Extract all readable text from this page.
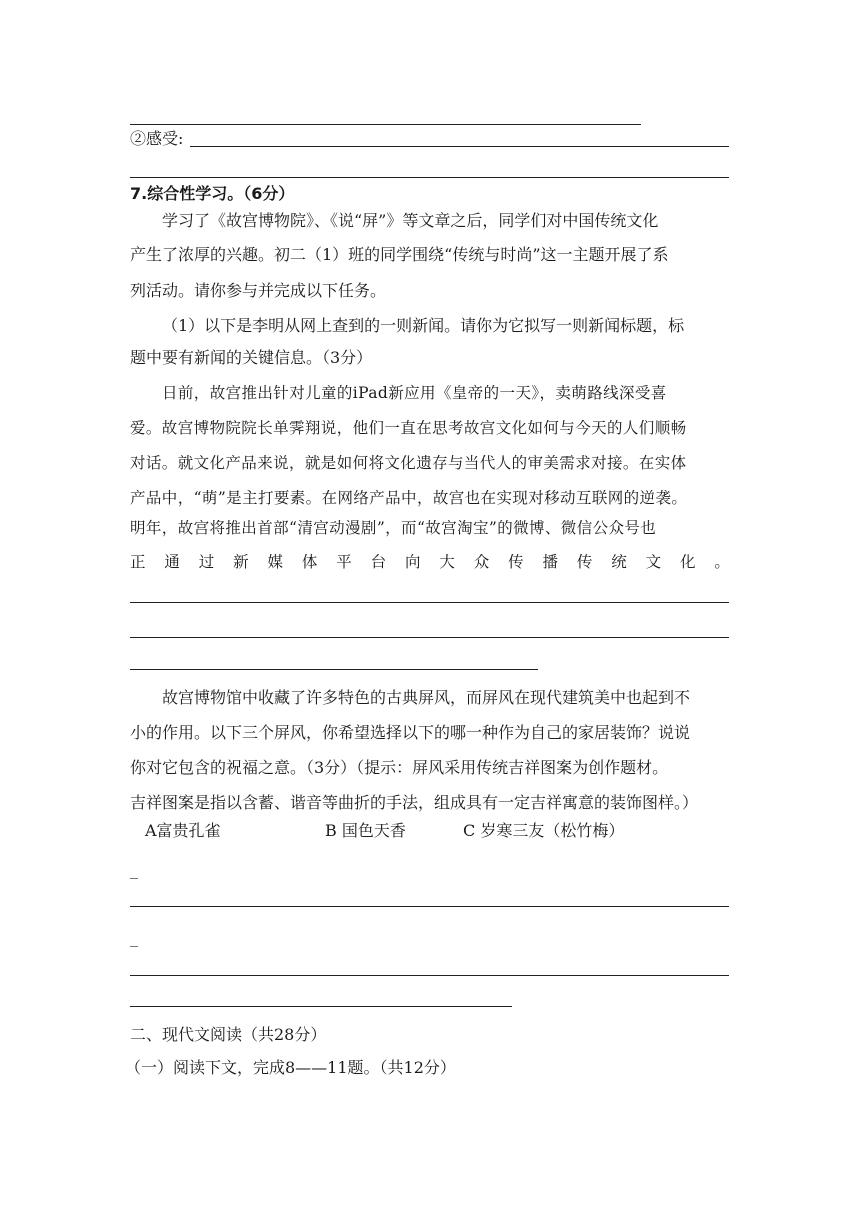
②感受:
7.综合性学习。（6分）
学习了《故宫博物院》、《说“屏”》等文章之后，同学们对中国传统文化
产生了浓厚的兴趣。初二（1）班的同学围绕“传统与时尚”这一主题开展了系
列活动。请你参与并完成以下任务。
（1）以下是李明从网上查到的一则新闻。请你为它拟写一则新闻标题，标
题中要有新闻的关键信息。（3分）
日前，故宫推出针对儿童的iPad新应用《皇帝的一天》，卖萌路线深受喜
爱。故宫博物院院长单霁翔说，他们一直在思考故宫文化如何与今天的人们顺畅
对话。就文化产品来说，就是如何将文化遗存与当代人的审美需求对接。在实体
产品中，“萌”是主打要素。在网络产品中，故宫也在实现对移动互联网的逆袭。
明年，故宫将推出首部“清宫动漫剧”，而“故宫淘宝”的微博、微信公众号也
正 通 过 新 媒 体 平 台 向 大 众 传 播 传 统 文 化 。
故宫博物馆中收藏了许多特色的古典屏风，而屏风在现代建筑美中也起到不
小的作用。以下三个屏风，你希望选择以下的哪一种作为自己的家居装饰？说说
你对它包含的祝福之意。（3分）（提示：屏风采用传统吉祥图案为创作题材。
吉祥图案是指以含蓄、谐音等曲折的手法，组成具有一定吉祥寓意的装饰图样。）
A富贵孔雀	B 国色天香	C 岁寒三友（松竹梅）
_
_
二、现代文阅读（共28分）
（一）阅读下文，完成8——11题。（共12分）
